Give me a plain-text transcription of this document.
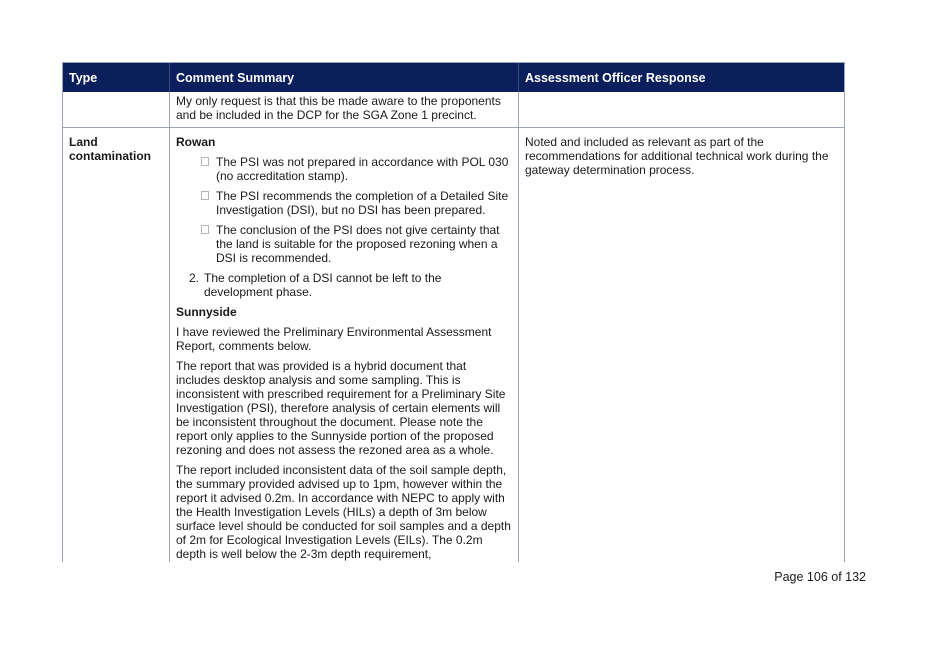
Type	Comment Summary	Assessment Officer Response
My only request is that this be made aware to the proponents and be included in the DCP for the SGA Zone 1 precinct.
Land contamination
Rowan
The PSI was not prepared in accordance with POL 030 (no accreditation stamp).
The PSI recommends the completion of a Detailed Site Investigation (DSI), but no DSI has been prepared.
The conclusion of the PSI does not give certainty that the land is suitable for the proposed rezoning when a DSI is recommended.
2. The completion of a DSI cannot be left to the development phase.
Sunnyside

I have reviewed the Preliminary Environmental Assessment Report, comments below.

The report that was provided is a hybrid document that includes desktop analysis and some sampling. This is inconsistent with prescribed requirement for a Preliminary Site Investigation (PSI), therefore analysis of certain elements will be inconsistent throughout the document. Please note the report only applies to the Sunnyside portion of the proposed rezoning and does not assess the rezoned area as a whole.

The report included inconsistent data of the soil sample depth, the summary provided advised up to 1pm, however within the report it advised 0.2m. In accordance with NEPC to apply with the Health Investigation Levels (HILs) a depth of 3m below surface level should be conducted for soil samples and a depth of 2m for Ecological Investigation Levels (EILs). The 0.2m depth is well below the 2-3m depth requirement,

Noted and included as relevant as part of the recommendations for additional technical work during the gateway determination process.
Page 106 of 132
